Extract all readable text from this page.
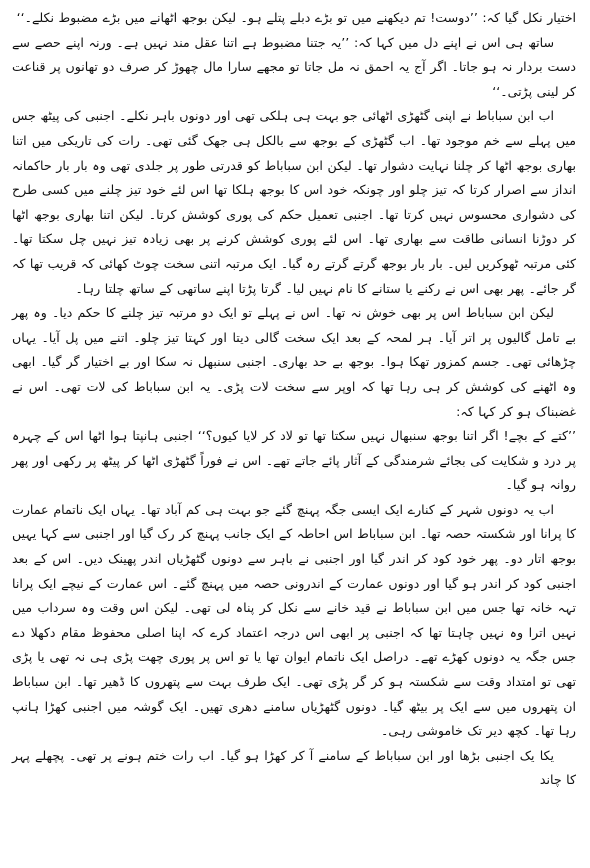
اختیار نکل گیا کہ: ’’دوست! تم دیکھنے میں تو بڑے دبلے پتلے ہو۔ لیکن بوجھ اٹھانے میں بڑے مضبوط نکلے۔‘‘

ساتھ ہی اس نے اپنے دل میں کہا کہ: ’’یہ جتنا مضبوط ہے اتنا عقل مند نہیں ہے۔ ورنہ اپنے حصے سے دست بردار نہ ہو جاتا۔ اگر آج یہ احمق نہ مل جاتا تو مجھے سارا مال چھوڑ کر صرف دو تھانوں پر قناعت کر لینی پڑتی۔‘‘

اب ابن سباباط نے اپنی گٹھڑی اٹھائی جو بہت ہی ہلکی تھی اور دونوں باہر نکلے۔ اجنبی کی پیٹھ جس میں پہلے سے خم موجود تھا۔ اب گٹھڑی کے بوجھ سے بالکل ہی جھک گئی تھی۔ رات کی تاریکی میں اتنا بھاری بوجھ اٹھا کر چلنا نہایت دشوار تھا۔ لیکن ابن سباباط کو قدرتی طور پر جلدی تھی وہ بار بار حاکمانہ انداز سے اصرار کرتا کہ تیز چلو اور چونکہ خود اس کا بوجھ ہلکا تھا اس لئے خود تیز چلنے میں کسی طرح کی دشواری محسوس نہیں کرتا تھا۔ اجنبی تعمیل حکم کی پوری کوشش کرتا۔ لیکن اتنا بھاری بوجھ اٹھا کر دوڑنا انسانی طاقت سے بھاری تھا۔ اس لئے پوری کوشش کرنے پر بھی زیادہ تیز نہیں چل سکتا تھا۔ کئی مرتبہ ٹھوکریں لیں۔ بار بار بوجھ گرتے گرتے رہ گیا۔ ایک مرتبہ اتنی سخت چوٹ کھائی کہ قریب تھا کہ گر جائے۔ پھر بھی اس نے رکنے یا ستانے کا نام نہیں لیا۔ گرتا پڑتا اپنے ساتھی کے ساتھ چلتا رہا۔

لیکن ابن سباباط اس پر بھی خوش نہ تھا۔ اس نے پہلے تو ایک دو مرتبہ تیز چلنے کا حکم دیا۔ وہ پھر بے تامل گالیوں پر اتر آیا۔ ہر لمحہ کے بعد ایک سخت گالی دیتا اور کہتا تیز چلو۔ اتنے میں پل آیا۔ یہاں چڑھائی تھی۔ جسم کمزور تھکا ہوا۔ بوجھ بے حد بھاری۔ اجنبی سنبھل نہ سکا اور بے اختیار گر گیا۔ ابھی وہ اٹھنے کی کوشش کر ہی رہا تھا کہ اوپر سے سخت لات پڑی۔ یہ ابن سباباط کی لات تھی۔ اس نے غضبناک ہو کر کہا کہ:

’’کتے کے بچے! اگر اتنا بوجھ سنبھال نہیں سکتا تھا تو لاد کر لایا کیوں؟‘‘ اجنبی ہانپتا ہوا اٹھا اس کے چہرہ پر درد و شکایت کی بجائے شرمندگی کے آثار پائے جاتے تھے۔ اس نے فوراً گٹھڑی اٹھا کر پیٹھ پر رکھی اور پھر روانہ ہو گیا۔

اب یہ دونوں شہر کے کنارے ایک ایسی جگہ پہنچ گئے جو بہت ہی کم آباد تھا۔ یہاں ایک ناتمام عمارت کا پرانا اور شکستہ حصہ تھا۔ ابن سباباط اس احاطہ کے ایک جانب پہنچ کر رک گیا اور اجنبی سے کہا یہیں بوجھ اتار دو۔ پھر خود کود کر اندر گیا اور اجنبی نے باہر سے دونوں گٹھڑیاں اندر پھینک دیں۔ اس کے بعد اجنبی کود کر اندر ہو گیا اور دونوں عمارت کے اندرونی حصہ میں پہنچ گئے۔ اس عمارت کے نیچے ایک پرانا تہہ خانہ تھا جس میں ابن سباباط نے قید خانے سے نکل کر پناہ لی تھی۔ لیکن اس وقت وہ سرداب میں نہیں اترا وہ نہیں چاہتا تھا کہ اجنبی پر ابھی اس درجہ اعتماد کرے کہ اپنا اصلی محفوظ مقام دکھلا دے جس جگہ یہ دونوں کھڑے تھے۔ دراصل ایک ناتمام ایوان تھا یا تو اس پر پوری چھت پڑی ہی نہ تھی یا پڑی تھی تو امتداد وقت سے شکستہ ہو کر گر پڑی تھی۔ ایک طرف بہت سے پتھروں کا ڈھیر تھا۔ ابن سباباط ان پتھروں میں سے ایک پر بیٹھ گیا۔ دونوں گٹھڑیاں سامنے دھری تھیں۔ ایک گوشہ میں اجنبی کھڑا ہانپ رہا تھا۔ کچھ دیر تک خاموشی رہی۔

یکا یک اجنبی بڑھا اور ابن سباباط کے سامنے آ کر کھڑا ہو گیا۔ اب رات ختم ہونے پر تھی۔ پچھلے پہر کا چاند
